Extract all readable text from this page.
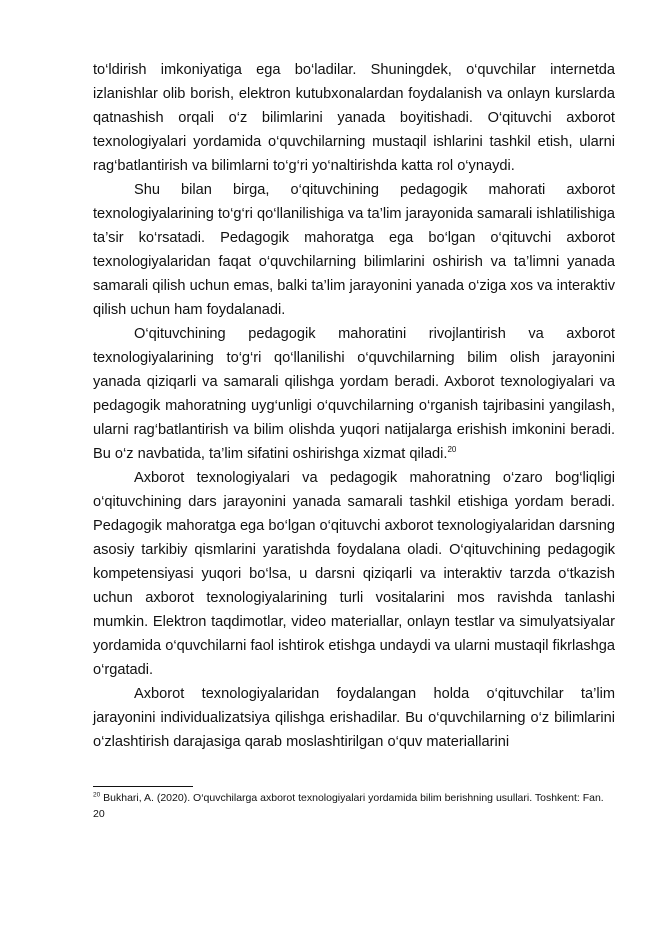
to‘ldirish imkoniyatiga ega bo‘ladilar. Shuningdek, o‘quvchilar internetda izlanishlar olib borish, elektron kutubxonalardan foydalanish va onlayn kurslarda qatnashish orqali o‘z bilimlarini yanada boyitishadi. O‘qituvchi axborot texnologiyalari yordamida o‘quvchilarning mustaqil ishlarini tashkil etish, ularni rag‘batlantirish va bilimlarni to‘g‘ri yo‘naltirishda katta rol o‘ynaydi.

Shu bilan birga, o‘qituvchining pedagogik mahorati axborot texnologiyalarining to‘g‘ri qo‘llanilishiga va ta’lim jarayonida samarali ishlatilishiga ta’sir ko‘rsatadi. Pedagogik mahoratga ega bo‘lgan o‘qituvchi axborot texnologiyalaridan faqat o‘quvchilarning bilimlarini oshirish va ta’limni yanada samarali qilish uchun emas, balki ta’lim jarayonini yanada o‘ziga xos va interaktiv qilish uchun ham foydalanadi.

O‘qituvchining pedagogik mahoratini rivojlantirish va axborot texnologiyalarining to‘g‘ri qo‘llanilishi o‘quvchilarning bilim olish jarayonini yanada qiziqarli va samarali qilishga yordam beradi. Axborot texnologiyalari va pedagogik mahoratning uyg‘unligi o‘quvchilarning o‘rganish tajribasini yangilash, ularni rag‘batlantirish va bilim olishda yuqori natijalarga erishish imkonini beradi. Bu o‘z navbatida, ta’lim sifatini oshirishga xizmat qiladi.$^{20}$

Axborot texnologiyalari va pedagogik mahoratning o‘zaro bog‘liqligi o‘qituvchining dars jarayonini yanada samarali tashkil etishiga yordam beradi. Pedagogik mahoratga ega bo‘lgan o‘qituvchi axborot texnologiyalaridan darsning asosiy tarkibiy qismlarini yaratishda foydalana oladi. O‘qituvchining pedagogik kompetensiyasi yuqori bo‘lsa, u darsni qiziqarli va interaktiv tarzda o‘tkazish uchun axborot texnologiyalarining turli vositalarini mos ravishda tanlashi mumkin. Elektron taqdimotlar, video materiallar, onlayn testlar va simulyatsiyalar yordamida o‘quvchilarni faol ishtirok etishga undaydi va ularni mustaqil fikrlashga o‘rgatadi.

Axborot texnologiyalaridan foydalangan holda o‘qituvchilar ta’lim jarayonini individualizatsiya qilishga erishadilar. Bu o‘quvchilarning o‘z bilimlarini o‘zlashtirish darajasiga qarab moslashtirilgan o‘quv materiallarini

$^{20}$ Bukhari, A. (2020). O‘quvchilarga axborot texnologiyalari yordamida bilim berishning usullari. Toshkent: Fan. 20
